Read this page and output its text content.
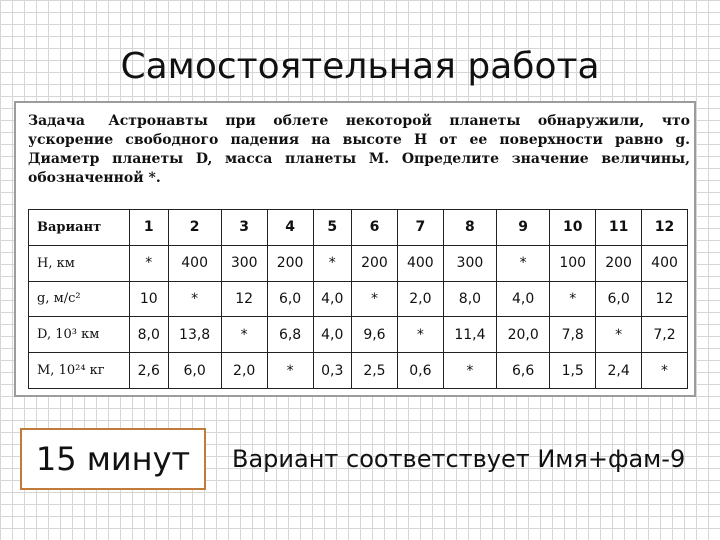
Самостоятельная работа
Задача Астронавты при облете некоторой планеты обнаружили, что ускорение свободного падения на высоте H от ее поверхности равно g. Диаметр планеты D, масса планеты M. Определите значение величины, обозначенной *.
Вариант	1	2	3	4	5	6	7	8	9	10	11	12
H, км	*	400	300	200	*	200	400	300	*	100	200	400
g, м/с²	10	*	12	6,0	4,0	*	2,0	8,0	4,0	*	6,0	12
D, 10³ км	8,0	13,8	*	6,8	4,0	9,6	*	11,4	20,0	7,8	*	7,2
M, 10²⁴ кг	2,6	6,0	2,0	*	0,3	2,5	0,6	*	6,6	1,5	2,4	*
15 минут	Вариант соответствует Имя+фам-9
